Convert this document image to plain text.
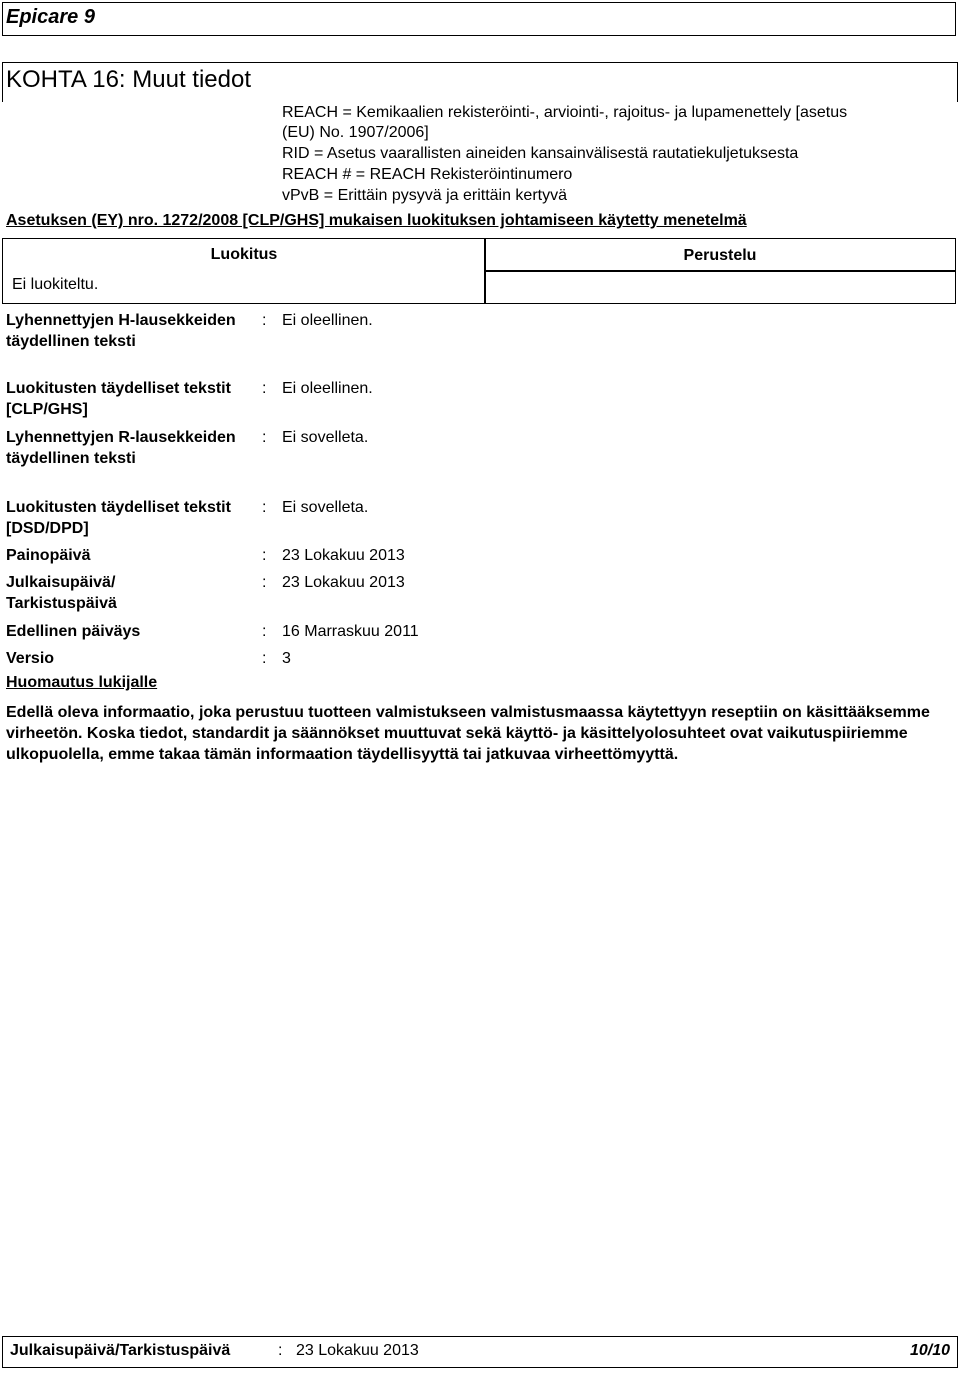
Epicare 9
KOHTA 16: Muut tiedot
REACH = Kemikaalien rekisteröinti-, arviointi-, rajoitus- ja lupamenettely [asetus
(EU) No. 1907/2006]
RID = Asetus vaarallisten aineiden kansainvälisestä rautatiekuljetuksesta
REACH # = REACH Rekisteröintinumero
vPvB = Erittäin pysyvä ja erittäin kertyvä
Asetuksen (EY) nro. 1272/2008 [CLP/GHS] mukaisen luokituksen johtamiseen käytetty menetelmä
Luokitus	Perustelu
Ei luokiteltu.
Lyhennettyjen H-lausekkeiden täydellinen teksti
: Ei oleellinen.
Luokitusten täydelliset tekstit [CLP/GHS]
: Ei oleellinen.
Lyhennettyjen R-lausekkeiden täydellinen teksti
: Ei sovelleta.
Luokitusten täydelliset tekstit [DSD/DPD]
: Ei sovelleta.
Painopäivä	: 23 Lokakuu 2013
Julkaisupäivä/ Tarkistuspäivä
: 23 Lokakuu 2013
Edellinen päiväys	: 16 Marraskuu 2011
Versio	: 3
Huomautus lukijalle
Edellä oleva informaatio, joka perustuu tuotteen valmistukseen valmistusmaassa käytettyyn reseptiin on käsittääksemme virheetön. Koska tiedot, standardit ja säännökset muuttuvat sekä käyttö- ja käsittelyolosuhteet ovat vaikutuspiiriemme ulkopuolella, emme takaa tämän informaation täydellisyyttä tai jatkuvaa virheettömyyttä.
Julkaisupäivä/Tarkistuspäivä	: 23 Lokakuu 2013	10/10
